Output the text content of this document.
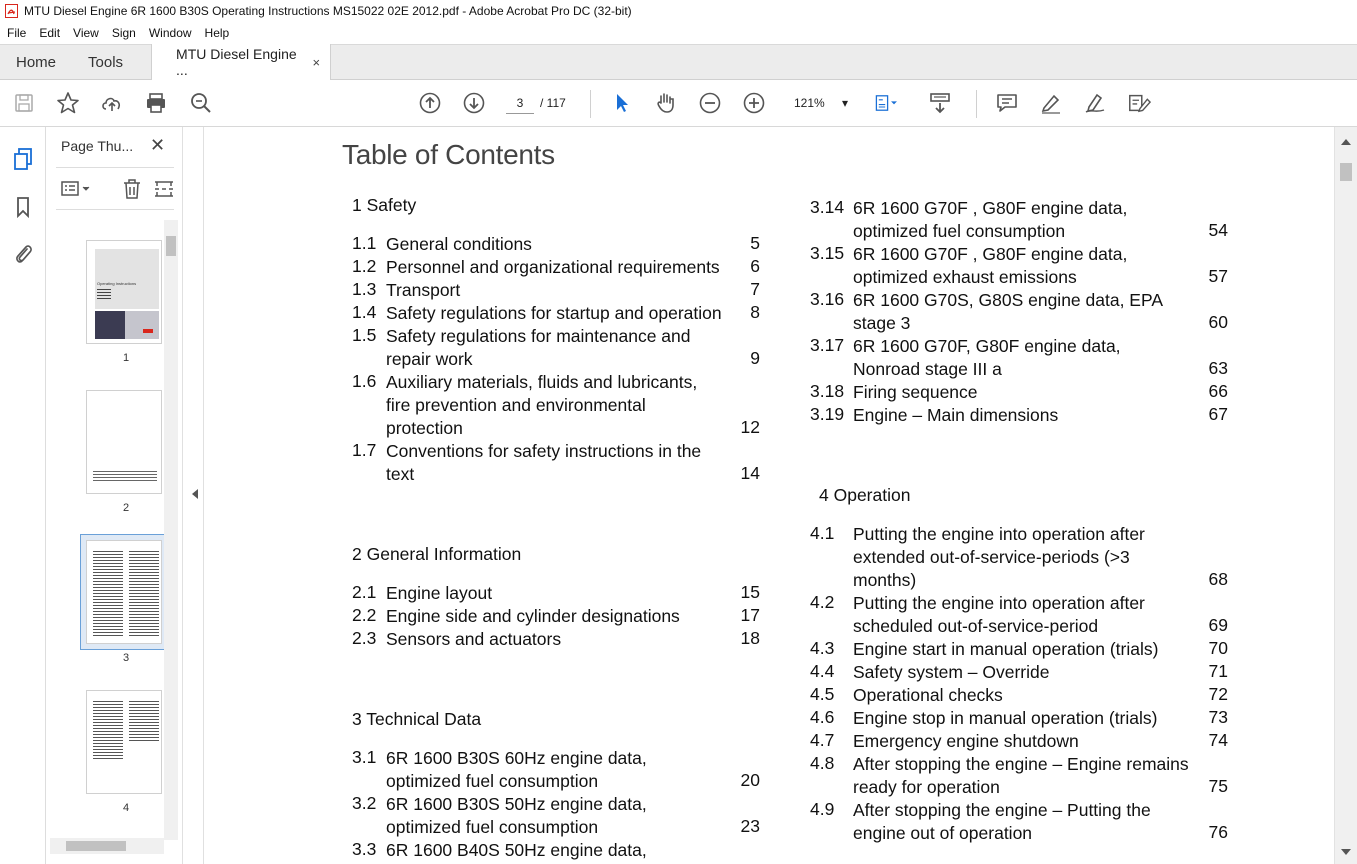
MTU Diesel Engine 6R 1600 B30S Operating Instructions MS15022 02E 2012.pdf - Adobe Acrobat Pro DC (32-bit)
File	Edit	View	Sign	Window	Help
Home	Tools	MTU Diesel Engine ...	×
3	/ 117	121% ▾
Page Thu... ✕
Operating Instructions
1
2
3
4
Table of Contents
1 Safety
1.1 General conditions	5
1.2 Personnel and organizational requirements	6
1.3 Transport	7
1.4 Safety regulations for startup and operation	8
1.5 Safety regulations for maintenance and
repair work	9
1.6 Auxiliary materials, fluids and lubricants,
fire prevention and environmental
protection	12
1.7 Conventions for safety instructions in the
text	14
2 General Information
2.1 Engine layout	15
2.2 Engine side and cylinder designations	17
2.3 Sensors and actuators	18
3 Technical Data
3.1 6R 1600 B30S 60Hz engine data,
optimized fuel consumption	20
3.2 6R 1600 B30S 50Hz engine data,
optimized fuel consumption	23
3.3 6R 1600 B40S 50Hz engine data,
3.14 6R 1600 G70F , G80F engine data,
optimized fuel consumption	54
3.15 6R 1600 G70F , G80F engine data,
optimized exhaust emissions	57
3.16 6R 1600 G70S, G80S engine data, EPA
stage 3	60
3.17 6R 1600 G70F, G80F engine data,
Nonroad stage III a	63
3.18 Firing sequence	66
3.19 Engine – Main dimensions	67
4 Operation
4.1 Putting the engine into operation after
extended out-of-service-periods (>3
months)	68
4.2 Putting the engine into operation after
scheduled out-of-service-period	69
4.3 Engine start in manual operation (trials)	70
4.4 Safety system – Override	71
4.5 Operational checks	72
4.6 Engine stop in manual operation (trials)	73
4.7 Emergency engine shutdown	74
4.8 After stopping the engine – Engine remains
ready for operation	75
4.9 After stopping the engine – Putting the
engine out of operation	76
